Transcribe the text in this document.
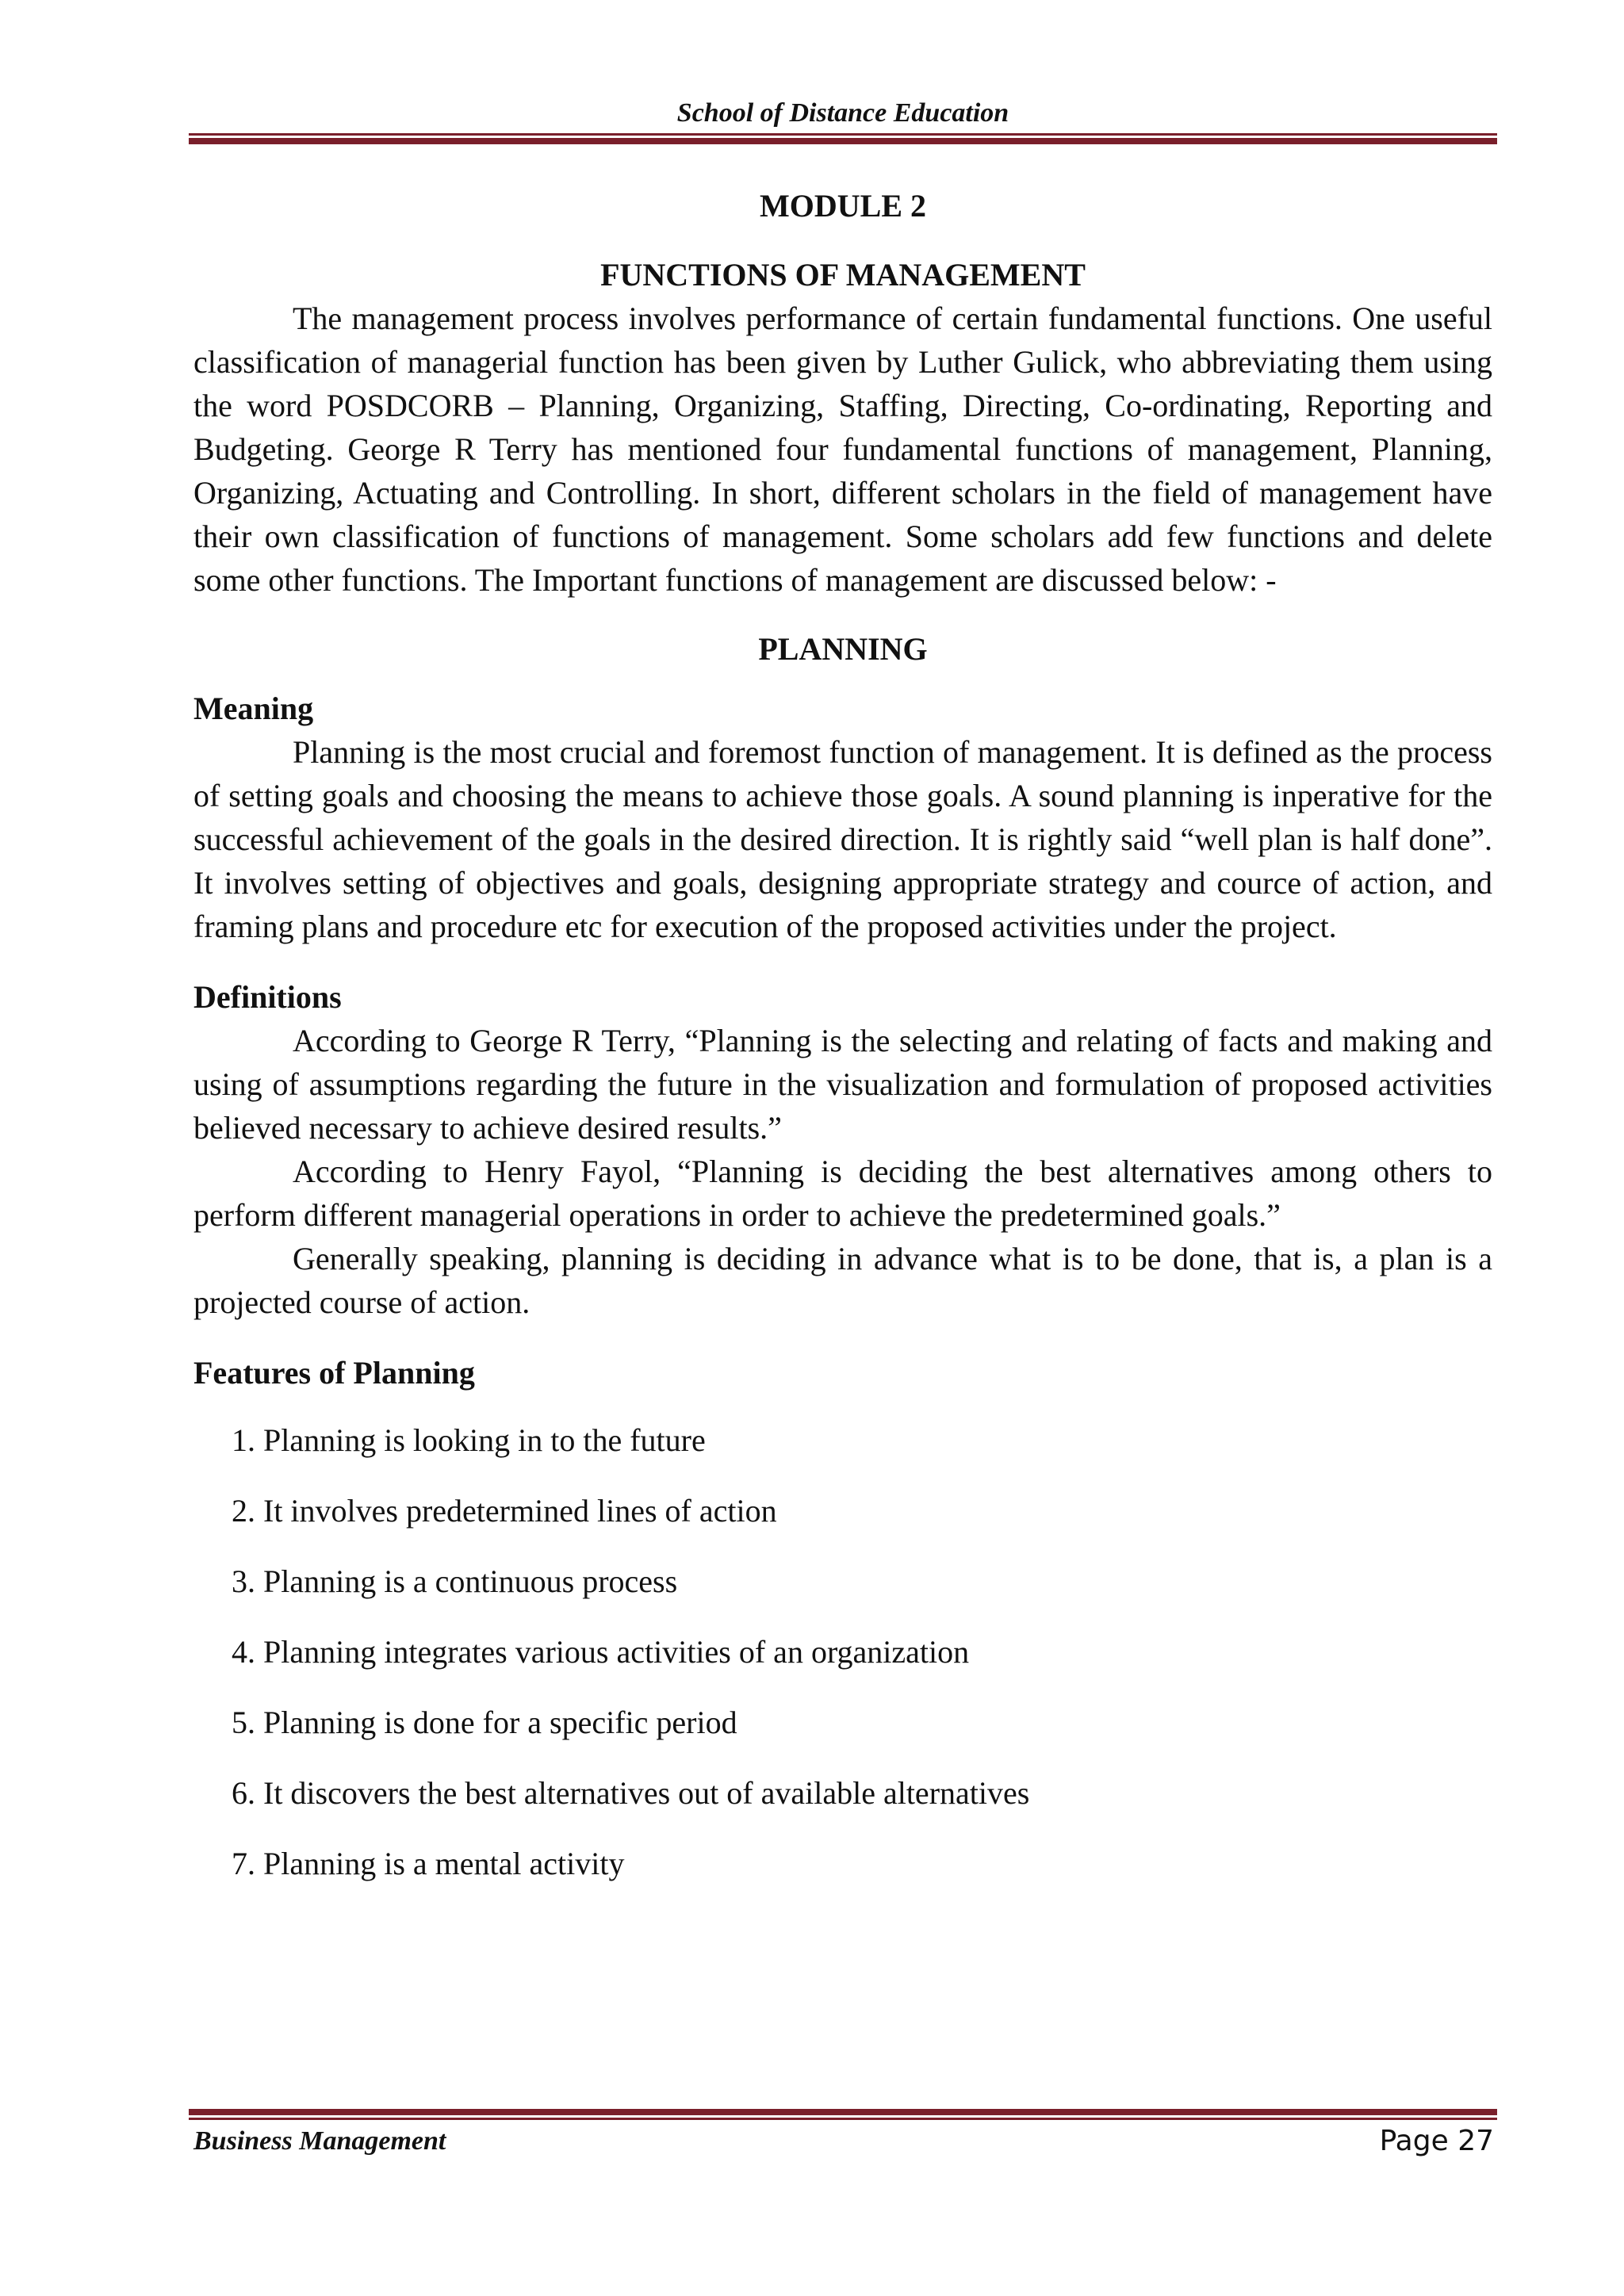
School of Distance Education
MODULE 2
FUNCTIONS OF MANAGEMENT

The management process involves performance of certain fundamental functions. One useful classification of managerial function has been given by Luther Gulick, who abbreviating them using the word POSDCORB – Planning, Organizing, Staffing, Directing, Co-ordinating, Reporting and Budgeting. George R Terry has mentioned four fundamental functions of management, Planning, Organizing, Actuating and Controlling. In short, different scholars in the field of management have their own classification of functions of management. Some scholars add few functions and delete some other functions. The Important functions of management are discussed below: -

PLANNING
Meaning

Planning is the most crucial and foremost function of management. It is defined as the process of setting goals and choosing the means to achieve those goals. A sound planning is inperative for the successful achievement of the goals in the desired direction. It is rightly said “well plan is half done”. It involves setting of objectives and goals, designing appropriate strategy and cource of action, and framing plans and procedure etc for execution of the proposed activities under the project.

Definitions

According to George R Terry, “Planning is the selecting and relating of facts and making and using of assumptions regarding the future in the visualization and formulation of proposed activities believed necessary to achieve desired results.”

According to Henry Fayol, “Planning is deciding the best alternatives among others to perform different managerial operations in order to achieve the predetermined goals.”

Generally speaking, planning is deciding in advance what is to be done, that is, a plan is a projected course of action.

Features of Planning
1. Planning is looking in to the future
2. It involves predetermined lines of action
3. Planning is a continuous process
4. Planning integrates various activities of an organization
5. Planning is done for a specific period
6. It discovers the best alternatives out of available alternatives
7. Planning is a mental activity
Business Management	Page 27
